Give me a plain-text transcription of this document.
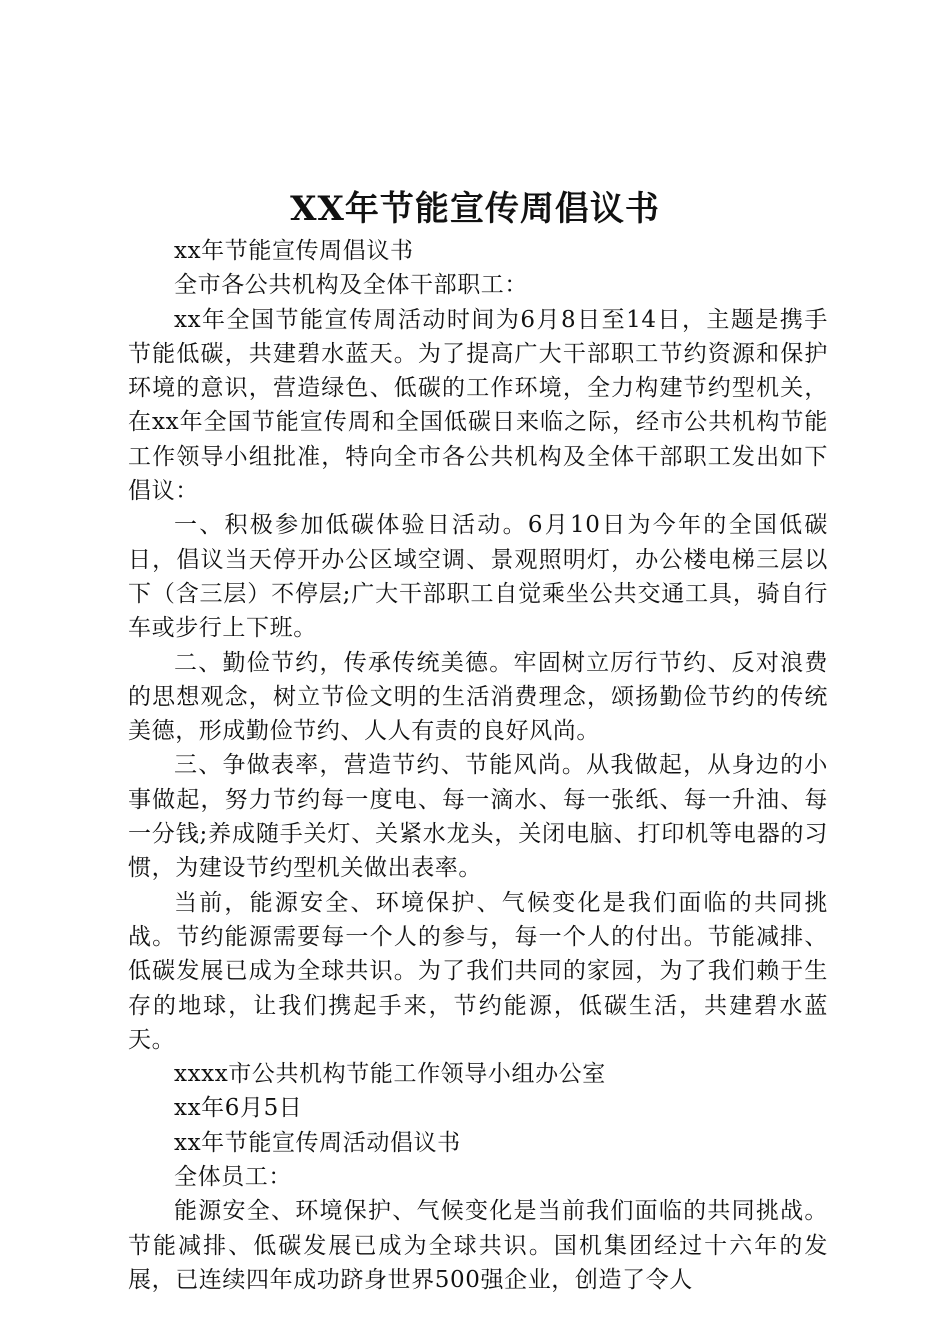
XX年节能宣传周倡议书

xx年节能宣传周倡议书

全市各公共机构及全体干部职工：

xx年全国节能宣传周活动时间为6月8日至14日，主题是携手节能低碳，共建碧水蓝天。为了提高广大干部职工节约资源和保护环境的意识，营造绿色、低碳的工作环境，全力构建节约型机关，在xx年全国节能宣传周和全国低碳日来临之际，经市公共机构节能工作领导小组批准，特向全市各公共机构及全体干部职工发出如下倡议：

一、积极参加低碳体验日活动。6月10日为今年的全国低碳日，倡议当天停开办公区域空调、景观照明灯，办公楼电梯三层以下（含三层）不停层;广大干部职工自觉乘坐公共交通工具，骑自行车或步行上下班。

二、勤俭节约，传承传统美德。牢固树立厉行节约、反对浪费的思想观念，树立节俭文明的生活消费理念，颂扬勤俭节约的传统美德，形成勤俭节约、人人有责的良好风尚。

三、争做表率，营造节约、节能风尚。从我做起，从身边的小事做起，努力节约每一度电、每一滴水、每一张纸、每一升油、每一分钱;养成随手关灯、关紧水龙头，关闭电脑、打印机等电器的习惯，为建设节约型机关做出表率。

当前，能源安全、环境保护、气候变化是我们面临的共同挑战。节约能源需要每一个人的参与，每一个人的付出。节能减排、低碳发展已成为全球共识。为了我们共同的家园，为了我们赖于生存的地球，让我们携起手来，节约能源，低碳生活，共建碧水蓝天。

xxxx市公共机构节能工作领导小组办公室

xx年6月5日

xx年节能宣传周活动倡议书

全体员工：

能源安全、环境保护、气候变化是当前我们面临的共同挑战。节能减排、低碳发展已成为全球共识。国机集团经过十六年的发展，已连续四年成功跻身世界500强企业，创造了令人
